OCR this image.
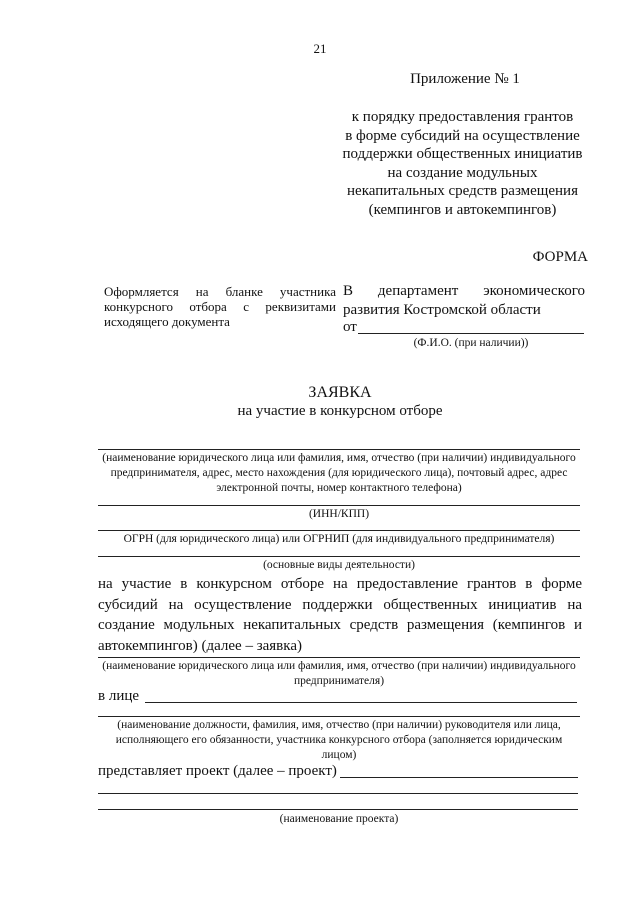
21
Приложение № 1
к порядку предоставления грантов
в форме субсидий на осуществление
поддержки общественных инициатив
на создание модульных
некапитальных средств размещения
(кемпингов и автокемпингов)
ФОРМА
Оформляется на бланке участника конкурсного отбора с реквизитами исходящего документа
В департамент экономического развития Костромской области
от
(Ф.И.О. (при наличии))
ЗАЯВКА
на участие в конкурсном отборе
(наименование юридического лица или фамилия, имя, отчество (при наличии) индивидуального предпринимателя, адрес, место нахождения (для юридического лица), почтовый адрес, адрес электронной почты, номер контактного телефона)
(ИНН/КПП)
ОГРН (для юридического лица) или ОГРНИП (для индивидуального предпринимателя)
(основные виды деятельности)
на участие в конкурсном отборе на предоставление грантов в форме субсидий на осуществление поддержки общественных инициатив на создание модульных некапитальных средств размещения (кемпингов и автокемпингов) (далее – заявка)
(наименование юридического лица или фамилия, имя, отчество (при наличии) индивидуального предпринимателя)
в лице
(наименование должности, фамилия, имя, отчество (при наличии) руководителя или лица, исполняющего его обязанности, участника конкурсного отбора (заполняется юридическим лицом)
представляет проект (далее – проект)
(наименование проекта)
